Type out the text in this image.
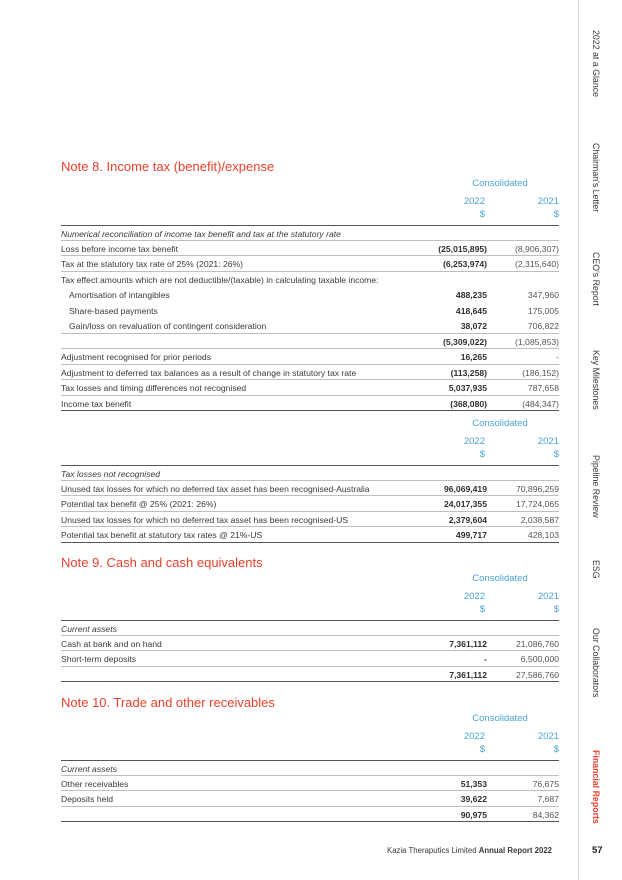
Note 8. Income tax (benefit)/expense
Consolidated
2022
$
2021
$
Numerical reconciliation of income tax benefit and tax at the statutory rate
Loss before income tax benefit	(25,015,895)	(8,906,307)
Tax at the statutory tax rate of 25% (2021: 26%)	(6,253,974)	(2,315,640)
Tax effect amounts which are not deductible/(taxable) in calculating taxable income:
Amortisation of intangibles	488,235	347,960
Share-based payments	418,645	175,005
Gain/loss on revaluation of contingent consideration	38,072	706,822
(5,309,022)	(1,085,853)
Adjustment recognised for prior periods	16,265	-
Adjustment to deferred tax balances as a result of change in statutory tax rate	(113,258)	(186,152)
Tax losses and timing differences not recognised	5,037,935	787,658
Income tax benefit	(368,080)	(484,347)
Consolidated
2022
$
2021
$
Tax losses not recognised
Unused tax losses for which no deferred tax asset has been recognised-Australia	96,069,419	70,896,259
Potential tax benefit @ 25% (2021: 26%)	24,017,355	17,724,065
Unused tax losses for which no deferred tax asset has been recognised-US	2,379,604	2,038,587
Potential tax benefit at statutory tax rates @ 21%-US	499,717	428,103
Note 9. Cash and cash equivalents
Consolidated
2022
$
2021
$
Current assets
Cash at bank and on hand	7,361,112	21,086,760
Short-term deposits	-	6,500,000
7,361,112	27,586,760
Note 10. Trade and other receivables
Consolidated
2022
$
2021
$
Current assets
Other receivables	51,353	76,675
Deposits held	39,622	7,687
90,975	84,362
2022 at a Glance
Chairman's Letter
CEO's Report
Key Milestones
Pipeline Review
ESG
Our Collaborators
Financial Reports
Kazia Theraputics Limited Annual Report 2022	57
